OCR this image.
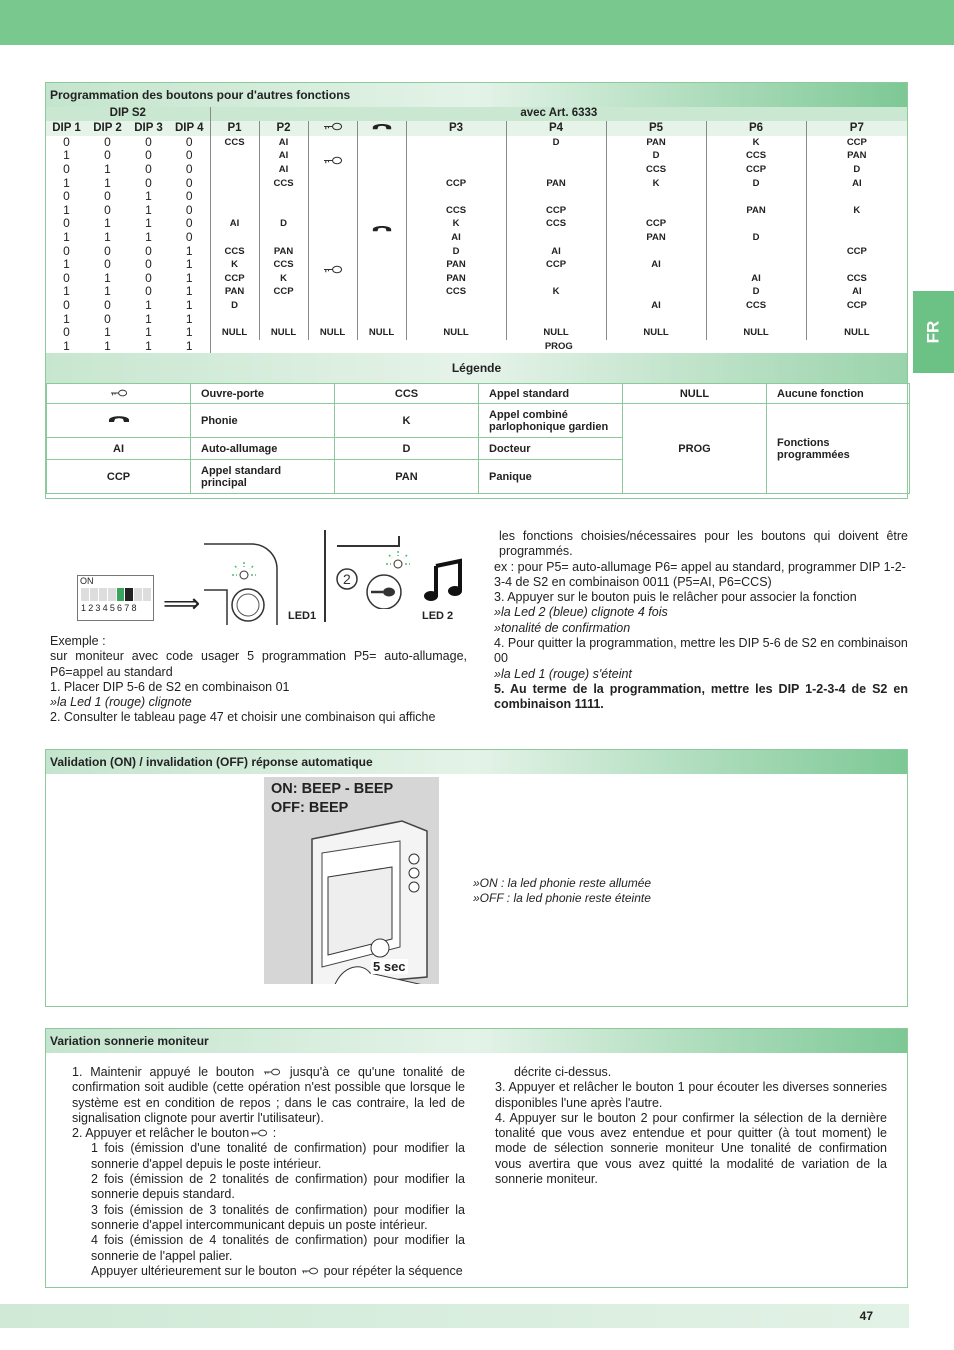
FR
Programmation des boutons pour d'autres fonctions
DIP S2				avec Art. 6333								
DIP 1	DIP 2	DIP 3	DIP 4	P1	P2			P3	P4	P5	P6	P7
0	0	0	0	CCS	AI				D	PAN	K	CCP
1	0	0	0		AI					D	CCS	PAN
0	1	0	0		AI					CCS	CCP	D
1	1	0	0		CCS			CCP	PAN	K	D	AI
0	0	1	0									
1	0	1	0					CCS	CCP		PAN	K
0	1	1	0	AI	D			K	CCS	CCP		
1	1	1	0					AI		PAN	D	
0	0	0	1	CCS	PAN			D	AI			CCP
1	0	0	1	K	CCS			PAN	CCP	AI		
0	1	0	1	CCP	K			PAN			AI	CCS
1	1	0	1	PAN	CCP			CCS	K		D	AI
0	0	1	1	D						AI	CCS	CCP
1	0	1	1									
0	1	1	1	NULL	NULL	NULL	NULL	NULL	NULL	NULL	NULL	NULL
1	1	1	1	PROG								
Légende
	Ouvre-porte	CCS	Appel standard	NULL	Aucune fonction
	Phonie	K	Appel combiné parlophonique gardien	PROG	Fonctions programmées
AI	Auto-allumage	D	Docteur		
CCP	Appel standard principal	PAN	Panique		
ON
12345678 ⟹	LED1
2
LED 2

Exemple :

sur moniteur avec code usager 5 programmation P5= auto-allumage, P6=appel au standard

1. Placer DIP 5-6 de S2 en combinaison 01

»la Led 1 (rouge) clignote

2. Consulter le tableau page 47 et choisir une combinaison qui affiche

les fonctions choisies/nécessaires pour les boutons qui doivent être programmés.

ex : pour P5= auto-allumage P6= appel au standard, programmer DIP 1-2-3-4 de S2 en combinaison 0011 (P5=AI, P6=CCS)

3. Appuyer sur le bouton puis le relâcher pour associer la fonction

»la Led 2 (bleue) clignote 4 fois

»tonalité de confirmation

4. Pour quitter la programmation, mettre les DIP 5-6 de S2 en combinaison 00

»la Led 1 (rouge) s'éteint

5. Au terme de la programmation, mettre les DIP 1-2-3-4 de S2 en combinaison 1111.

Validation (ON) / invalidation (OFF) réponse automatique
ON: BEEP - BEEP
OFF: BEEP
5 sec

»ON : la led phonie reste allumée

»OFF : la led phonie reste éteinte

Variation sonnerie moniteur

1. Maintenir appuyé le bouton	jusqu'à ce qu'une tonalité de confirmation soit audible (cette opération n'est possible que lorsque le système est en condition de repos ; dans le cas contraire, la led de signalisation clignote pour avertir l'utilisateur).

2. Appuyer et relâcher le bouton :

1 fois (émission d'une tonalité de confirmation) pour modifier la sonnerie d'appel depuis le poste intérieur.

2 fois (émission de 2 tonalités de confirmation) pour modifier la sonnerie depuis standard.

3 fois (émission de 3 tonalités de confirmation) pour modifier la sonnerie d'appel intercommunicant depuis un poste intérieur.

4 fois (émission de 4 tonalités de confirmation) pour modifier la sonnerie de l'appel palier.

Appuyer ultérieurement sur le bouton pour répéter la séquence

décrite ci-dessus.

3. Appuyer et relâcher le bouton 1 pour écouter les diverses sonneries disponibles l'une après l'autre.

4. Appuyer sur le bouton 2 pour confirmer la sélection de la dernière tonalité que vous avez entendue et pour quitter (à tout moment) le mode de sélection sonnerie moniteur Une tonalité de confirmation vous avertira que vous avez quitté la modalité de variation de la sonnerie moniteur.

47
